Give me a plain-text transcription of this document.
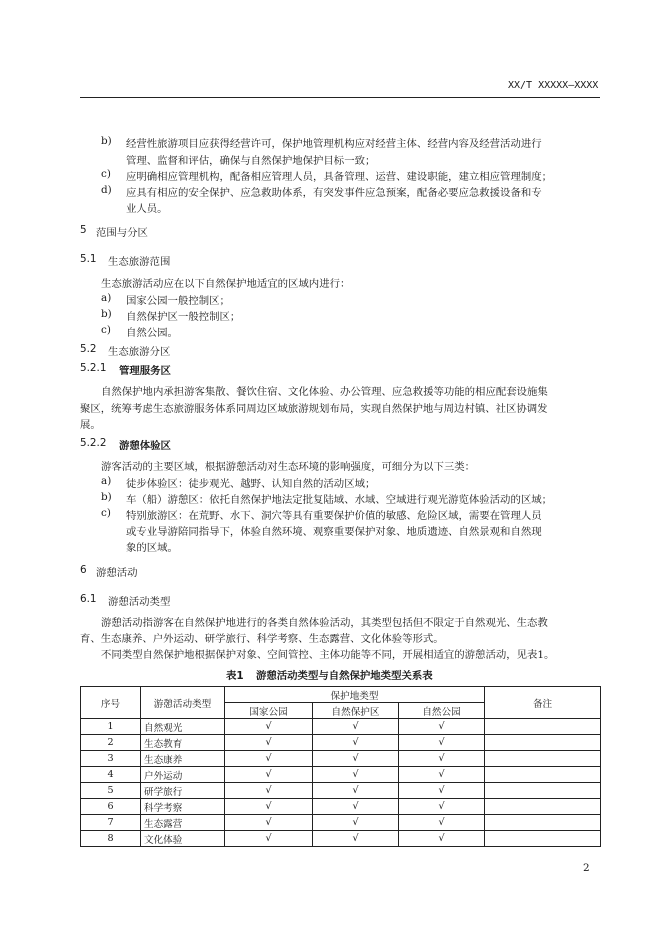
XX/T XXXXX—XXXX
b) 经营性旅游项目应获得经营许可，保护地管理机构应对经营主体、经营内容及经营活动进行
管理、监督和评估，确保与自然保护地保护目标一致；
c) 应明确相应管理机构，配备相应管理人员，具备管理、运营、建设职能，建立相应管理制度；
d) 应具有相应的安全保护、应急救助体系，有突发事件应急预案，配备必要应急救援设备和专
业人员。
5 范围与分区
5.1 生态旅游范围
生态旅游活动应在以下自然保护地适宜的区域内进行：
a) 国家公园一般控制区；
b) 自然保护区一般控制区；
c) 自然公园。
5.2 生态旅游分区
5.2.1 管理服务区
自然保护地内承担游客集散、餐饮住宿、文化体验、办公管理、应急救援等功能的相应配套设施集
聚区，统筹考虑生态旅游服务体系同周边区域旅游规划布局，实现自然保护地与周边村镇、社区协调发
展。
5.2.2 游憩体验区
游客活动的主要区域，根据游憩活动对生态环境的影响强度，可细分为以下三类：
a) 徒步体验区：徒步观光、越野、认知自然的活动区域；
b) 车（船）游憩区：依托自然保护地法定批复陆域、水域、空域进行观光游览体验活动的区域；
c) 特别旅游区：在荒野、水下、洞穴等具有重要保护价值的敏感、危险区域，需要在管理人员
或专业导游陪同指导下，体验自然环境、观察重要保护对象、地质遗迹、自然景观和自然现
象的区域。
6 游憩活动
6.1 游憩活动类型
游憩活动指游客在自然保护地进行的各类自然体验活动，其类型包括但不限定于自然观光、生态教
育、生态康养、户外运动、研学旅行、科学考察、生态露营、文化体验等形式。
不同类型自然保护地根据保护对象、空间管控、主体功能等不同，开展相适宜的游憩活动，见表1。
表1 游憩活动类型与自然保护地类型关系表
序号	游憩活动类型	保护地类型			备注
		国家公园	自然保护区	自然公园	
1	自然观光	√	√	√	
2	生态教育	√	√	√	
3	生态康养	√	√	√	
4	户外运动	√	√	√	
5	研学旅行	√	√	√	
6	科学考察	√	√	√	
7	生态露营	√	√	√	
8	文化体验	√	√	√	
2
